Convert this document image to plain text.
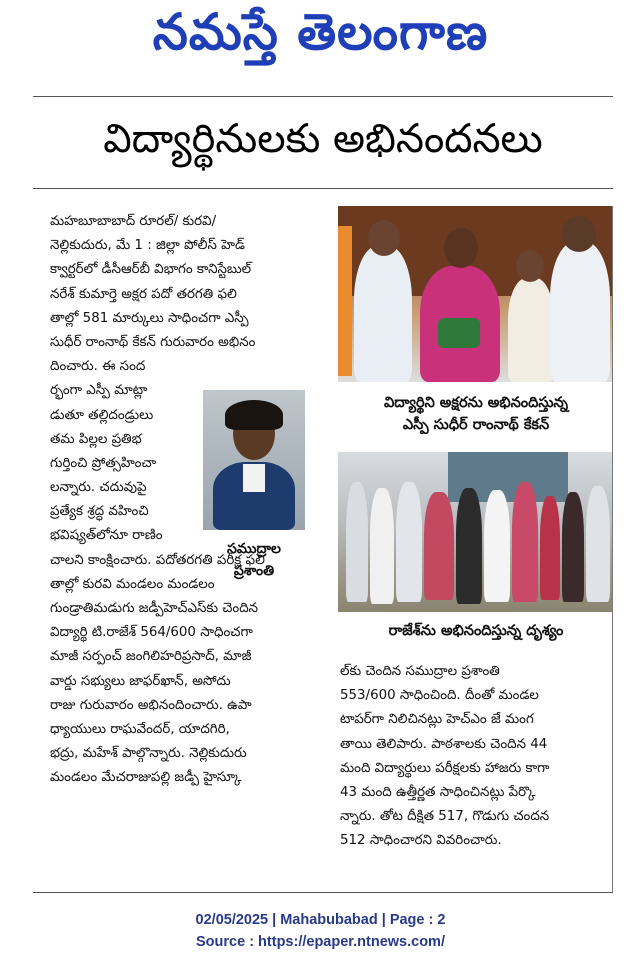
నమస్తే తెలంగాణ
విద్యార్థినులకు అభినందనలు
మహబూబాబాద్ రూరల్/ కురవి/
నెల్లికుదురు, మే 1 : జిల్లా పోలీస్ హెడ్
క్వార్టర్‌లో డీసీఆర్‌బీ విభాగం కానిస్టేబుల్
నరేశ్ కుమార్తె అక్షర పదో తరగతి ఫలి
తాల్లో 581 మార్కులు సాధించగా ఎస్పీ
సుధీర్ రాంనాథ్ కేకన్ గురువారం అభినం
దించారు. ఈ సంద
ర్భంగా ఎస్పీ మాట్లా
డుతూ తల్లిదండ్రులు
తమ పిల్లల ప్రతిభ
గుర్తించి ప్రోత్సహించా
లన్నారు. చదువుపై
ప్రత్యేక శ్రద్ధ వహించి
భవిష్యత్‌లోనూ రాణిం
చాలని కాంక్షించారు. పదోతరగతి పరీక్ష ఫలి
తాల్లో కురవి మండలం మండలం
గుండ్రాతిమడుగు జడ్పీహెచ్‌ఎస్‌కు చెందిన
విద్యార్థి టి.రాజేశ్ 564/600 సాధించగా
మాజీ సర్పంచ్ జంగిలిహరిప్రసాద్, మాజీ
వార్డు సభ్యులు జాఫర్‌ఖాన్, అసోదు
రాజు గురువారం అభినందించారు. ఉపా
ధ్యాయులు రాఘవేందర్, యాదగిరి,
భద్రు, మహేశ్ పాల్గొన్నారు. నెల్లికుదురు
మండలం మేచరాజుపల్లి జడ్పీ హైస్కూ
సముద్రాల
ప్రశాంతి
విద్యార్థిని అక్షరను అభినందిస్తున్న
ఎస్పీ సుధీర్ రాంనాథ్ కేకన్
రాజేశ్‌ను అభినందిస్తున్న దృశ్యం
ల్‌కు చెందిన సముద్రాల ప్రశాంతి
553/600 సాధించింది. దీంతో మండల
టాపర్‌గా నిలిచినట్లు హెచ్‌ఎం జే మంగ
తాయి తెలిపారు. పాఠశాలకు చెందిన 44
మంది విద్యార్థులు పరీక్షలకు హాజరు కాగా
43 మంది ఉత్తీర్ణత సాధించినట్లు పేర్కొ
న్నారు. తోట దీక్షిత 517, గొడుగు చందన
512 సాధించారని వివరించారు.
02/05/2025 | Mahabubabad | Page : 2
Source : https://epaper.ntnews.com/
